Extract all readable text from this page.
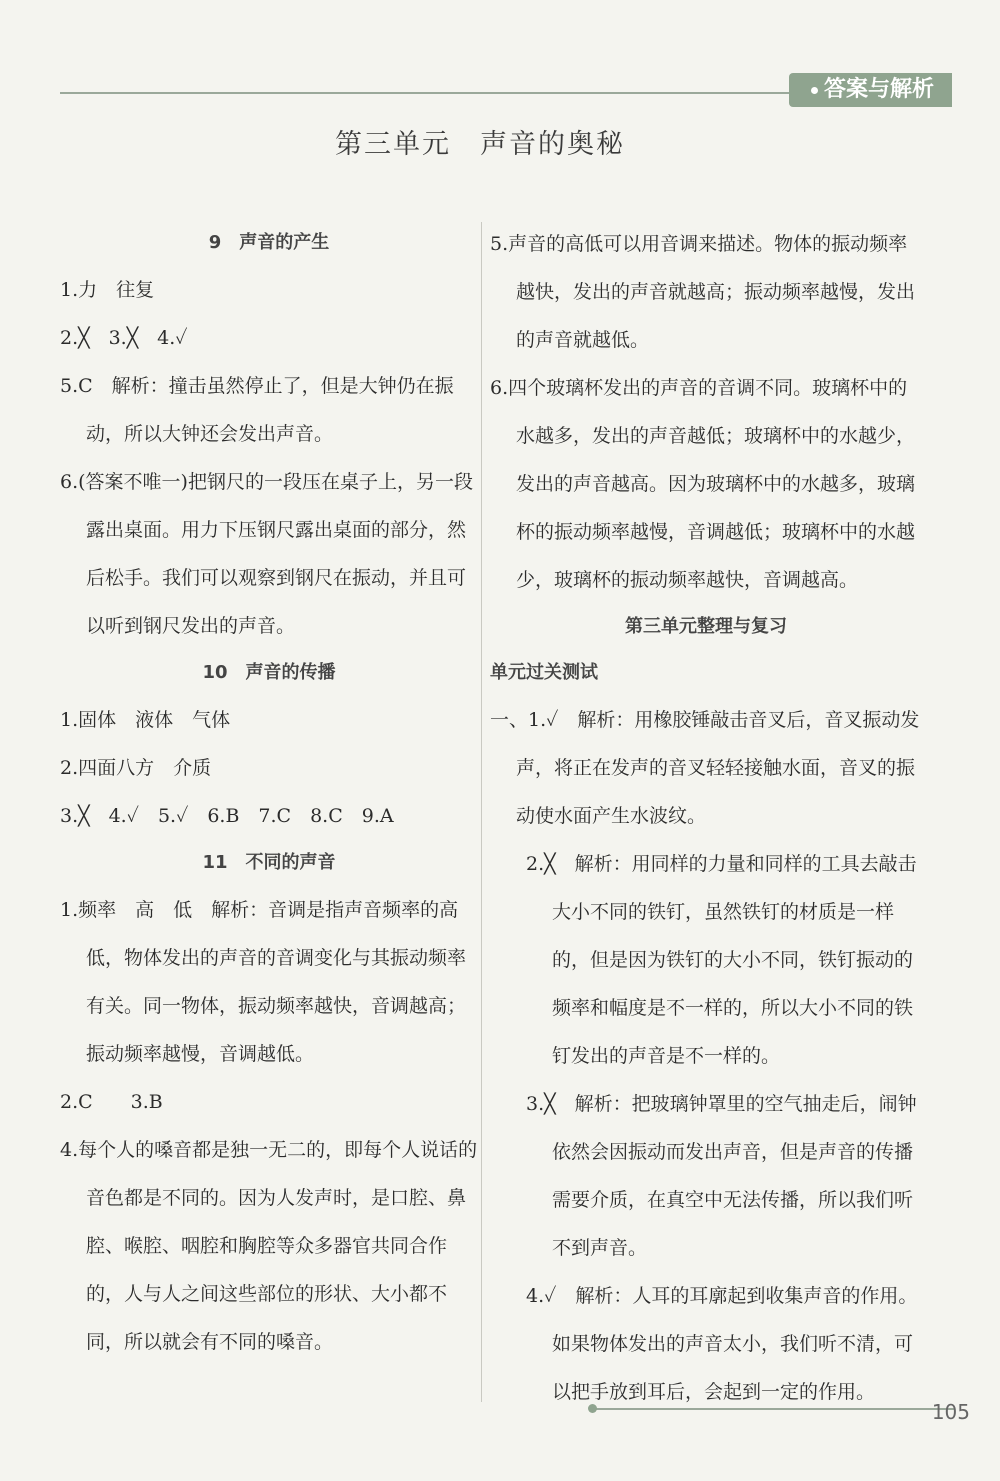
答案与解析
第三单元　声音的奥秘
9　声音的产生
1.力　往复
2.╳　3.╳　4.✓
5.C　解析：撞击虽然停止了，但是大钟仍在振动，所以大钟还会发出声音。
6.(答案不唯一)把钢尺的一段压在桌子上，另一段露出桌面。用力下压钢尺露出桌面的部分，然后松手。我们可以观察到钢尺在振动，并且可以听到钢尺发出的声音。
10　声音的传播
1.固体　液体　气体
2.四面八方　介质
3.╳　4.✓　5.✓　6.B　7.C　8.C　9.A
11　不同的声音
1.频率　高　低　解析：音调是指声音频率的高低，物体发出的声音的音调变化与其振动频率有关。同一物体，振动频率越快，音调越高；振动频率越慢，音调越低。
2.C　　3.B
4.每个人的嗓音都是独一无二的，即每个人说话的音色都是不同的。因为人发声时，是口腔、鼻腔、喉腔、咽腔和胸腔等众多器官共同合作的，人与人之间这些部位的形状、大小都不同，所以就会有不同的嗓音。
5.声音的高低可以用音调来描述。物体的振动频率越快，发出的声音就越高；振动频率越慢，发出的声音就越低。
6.四个玻璃杯发出的声音的音调不同。玻璃杯中的水越多，发出的声音越低；玻璃杯中的水越少，发出的声音越高。因为玻璃杯中的水越多，玻璃杯的振动频率越慢，音调越低；玻璃杯中的水越少，玻璃杯的振动频率越快，音调越高。
第三单元整理与复习
单元过关测试
一、1.✓　解析：用橡胶锤敲击音叉后，音叉振动发声，将正在发声的音叉轻轻接触水面，音叉的振动使水面产生水波纹。
2.╳　解析：用同样的力量和同样的工具去敲击大小不同的铁钉，虽然铁钉的材质是一样的，但是因为铁钉的大小不同，铁钉振动的频率和幅度是不一样的，所以大小不同的铁钉发出的声音是不一样的。
3.╳　解析：把玻璃钟罩里的空气抽走后，闹钟依然会因振动而发出声音，但是声音的传播需要介质，在真空中无法传播，所以我们听不到声音。
4.✓　解析：人耳的耳廓起到收集声音的作用。如果物体发出的声音太小，我们听不清，可以把手放到耳后，会起到一定的作用。
105
